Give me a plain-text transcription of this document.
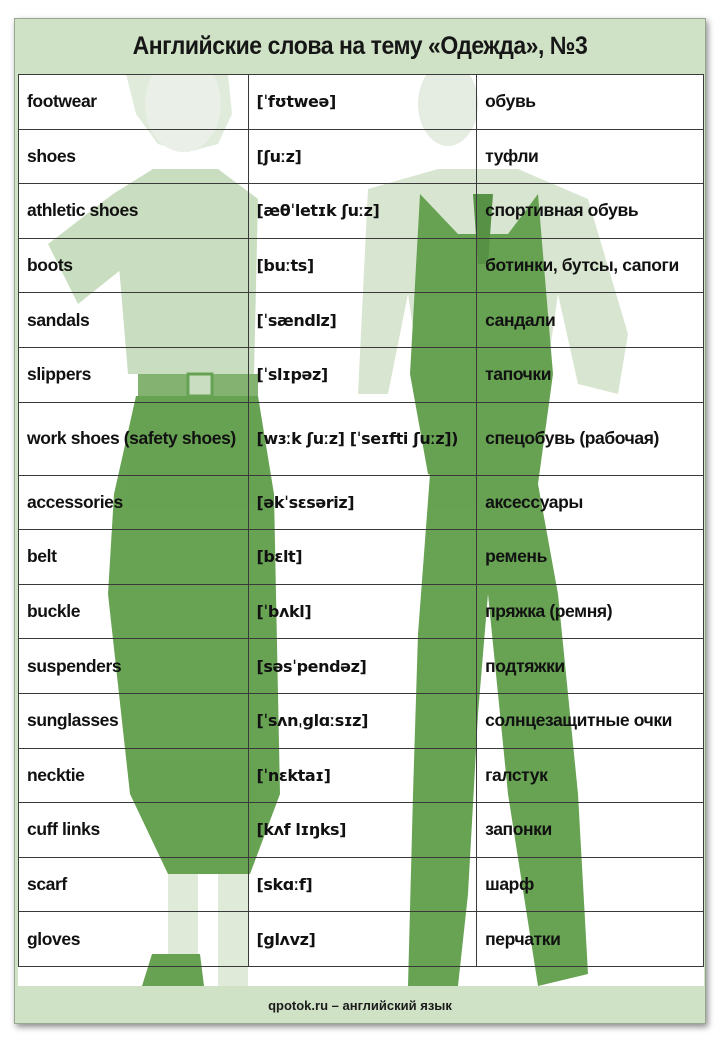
Английские слова на тему «Одежда», №3
footwear	[ˈfʊtweə]	обувь
shoes	[ʃuːz]	туфли
athletic shoes	[æθˈletɪk ʃuːz]	спортивная обувь
boots	[buːts]	ботинки, бутсы, сапоги
sandals	[ˈsændlz]	сандали
slippers	[ˈslɪpəz]	тапочки
work shoes (safety shoes)	[wɜːk ʃuːz] [ˈseɪfti ʃuːz])	спецобувь (рабочая)
accessories	[əkˈsɛsəriz]	аксессуары
belt	[bɛlt]	ремень
buckle	[ˈbʌkl]	пряжка (ремня)
suspenders	[səsˈpendəz]	подтяжки
sunglasses	[ˈsʌnˌglɑːsɪz]	солнцезащитные очки
necktie	[ˈnɛktaɪ]	галстук
cuff links	[kʌf lɪŋks]	запонки
scarf	[skɑːf]	шарф
gloves	[glʌvz]	перчатки
qpotok.ru – английский язык
